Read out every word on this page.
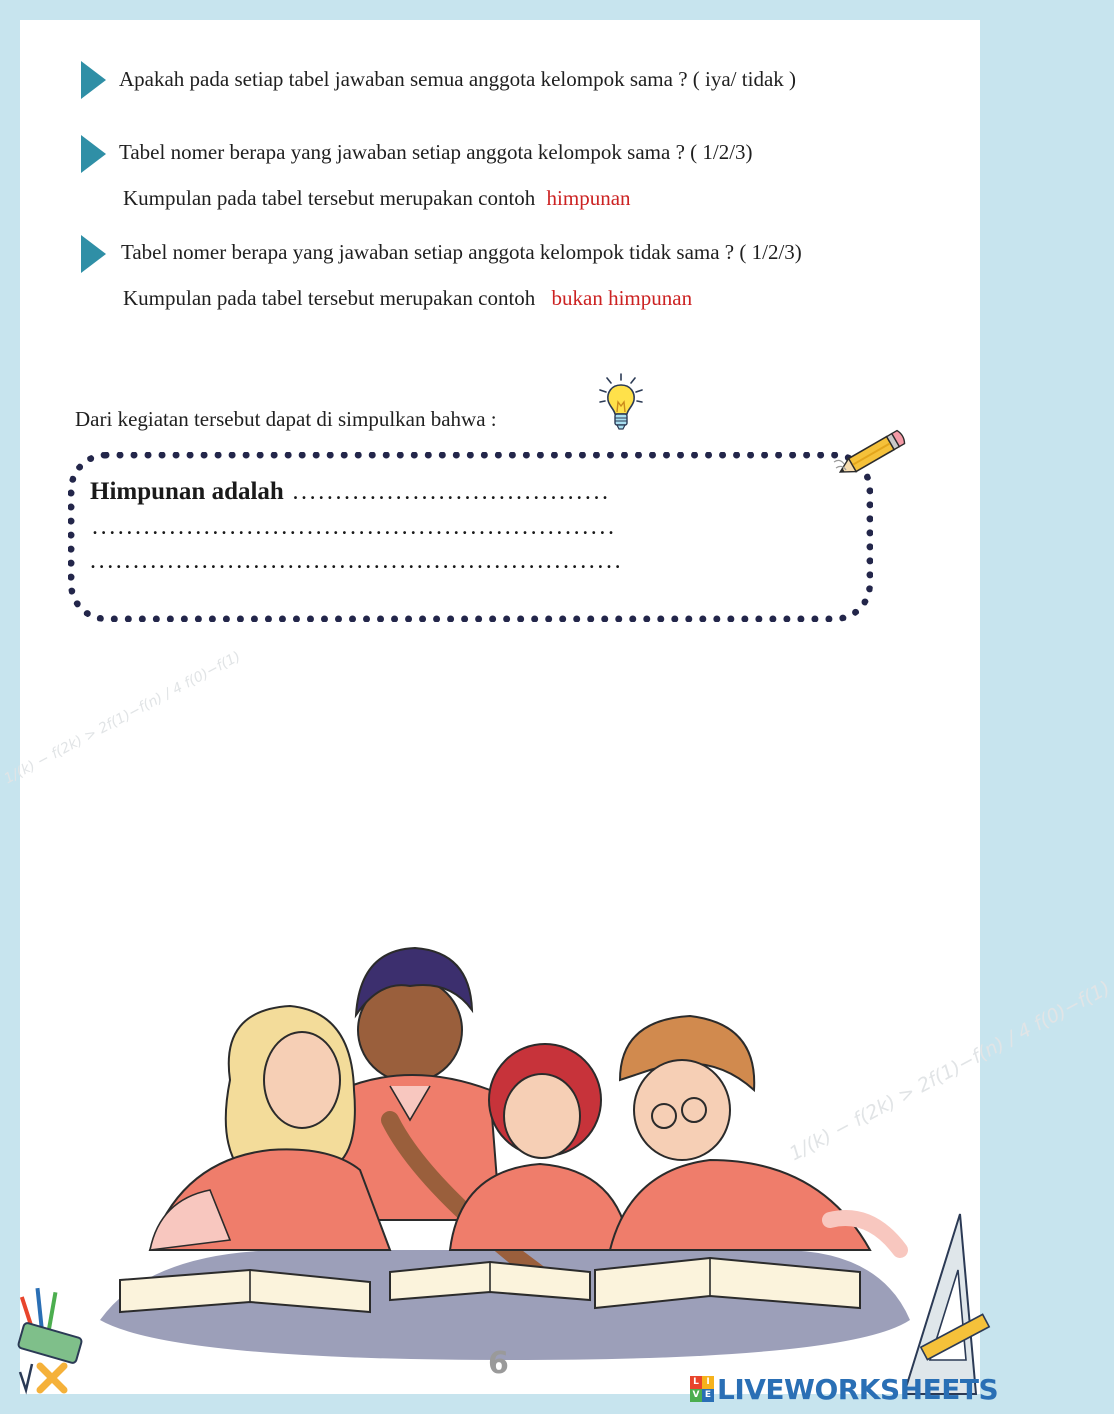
Apakah pada setiap tabel jawaban semua anggota kelompok sama ? ( iya/ tidak )
Tabel nomer berapa yang jawaban setiap anggota kelompok sama ? ( 1/2/3)
Kumpulan pada tabel tersebut merupakan contoh himpunan
Tabel nomer berapa yang jawaban setiap anggota kelompok tidak sama ? ( 1/2/3)
Kumpulan pada tabel tersebut merupakan contoh bukan himpunan
Dari kegiatan tersebut dapat di simpulkan bahwa :
Himpunan adalah .....................................
.............................................................
..............................................................
1/(k) − f(2k) > 2f(1)−f(n) / 4 f(0)−f(1)
1/(k) − f(2k) > 2f(1)−f(n) / 4 f(0)−f(1)
6
L I
V E LIVEWORKSHEETS
